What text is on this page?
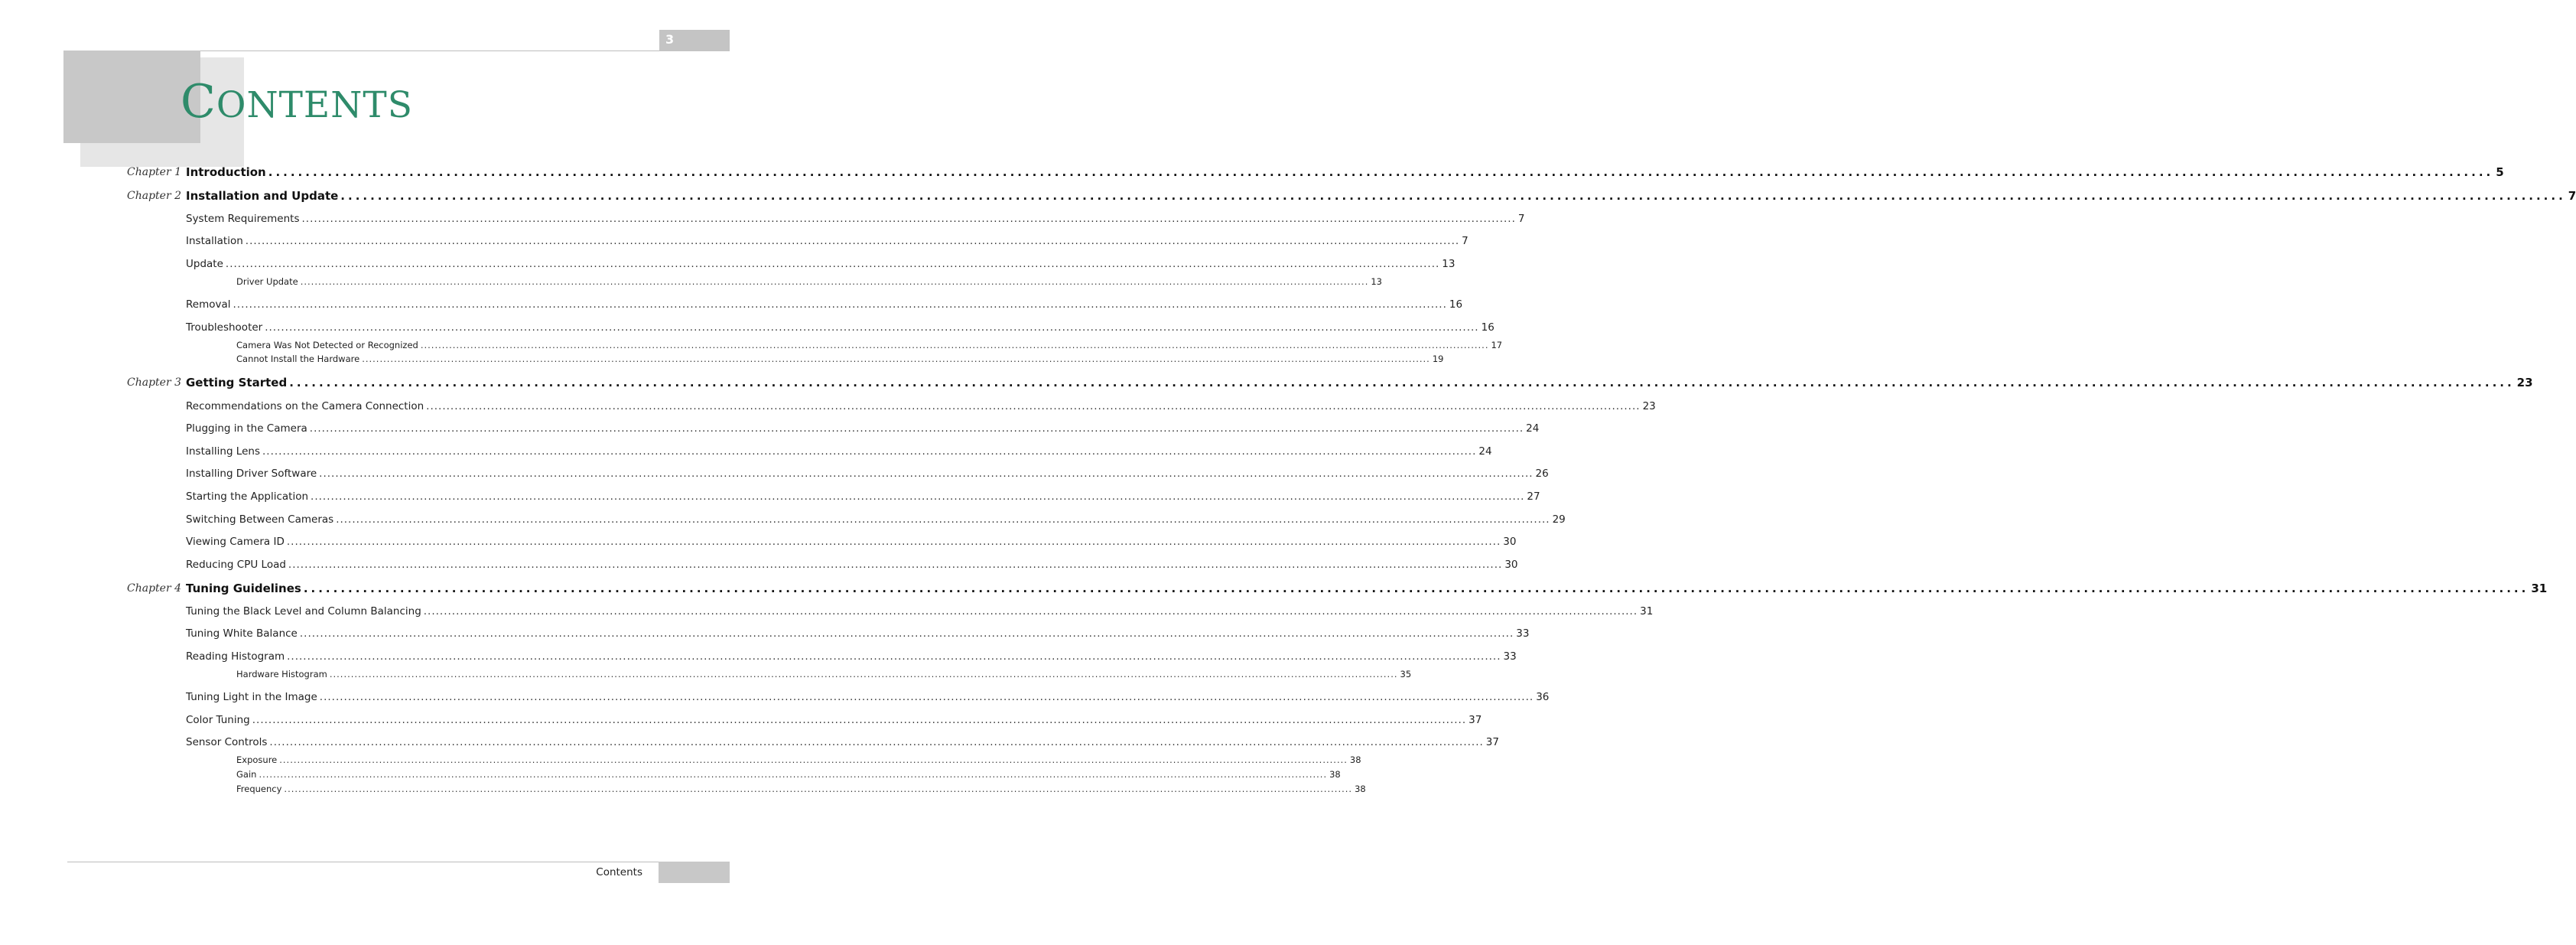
3
CONTENTS
Chapter 1 Introduction ............................................................................................................................................................................................................................................................................................................ 5
Chapter 2 Installation and Update ............................................................................................................................................................................................................................................................................................................ 7
System Requirements ............................................................................................................................................................................................................................................................................................................ 7
Installation ............................................................................................................................................................................................................................................................................................................ 7
Update ............................................................................................................................................................................................................................................................................................................ 13
Driver Update ............................................................................................................................................................................................................................................................................................................ 13
Removal ............................................................................................................................................................................................................................................................................................................ 16
Troubleshooter ............................................................................................................................................................................................................................................................................................................ 16
Camera Was Not Detected or Recognized ............................................................................................................................................................................................................................................................................................................ 17
Cannot Install the Hardware ............................................................................................................................................................................................................................................................................................................ 19
Chapter 3 Getting Started ............................................................................................................................................................................................................................................................................................................ 23
Recommendations on the Camera Connection ............................................................................................................................................................................................................................................................................................................ 23
Plugging in the Camera ............................................................................................................................................................................................................................................................................................................ 24
Installing Lens ............................................................................................................................................................................................................................................................................................................ 24
Installing Driver Software ............................................................................................................................................................................................................................................................................................................ 26
Starting the Application ............................................................................................................................................................................................................................................................................................................ 27
Switching Between Cameras ............................................................................................................................................................................................................................................................................................................ 29
Viewing Camera ID ............................................................................................................................................................................................................................................................................................................ 30
Reducing CPU Load ............................................................................................................................................................................................................................................................................................................ 30
Chapter 4 Tuning Guidelines ............................................................................................................................................................................................................................................................................................................ 31
Tuning the Black Level and Column Balancing ............................................................................................................................................................................................................................................................................................................ 31
Tuning White Balance ............................................................................................................................................................................................................................................................................................................ 33
Reading Histogram ............................................................................................................................................................................................................................................................................................................ 33
Hardware Histogram ............................................................................................................................................................................................................................................................................................................ 35
Tuning Light in the Image ............................................................................................................................................................................................................................................................................................................ 36
Color Tuning ............................................................................................................................................................................................................................................................................................................ 37
Sensor Controls ............................................................................................................................................................................................................................................................................................................ 37
Exposure ............................................................................................................................................................................................................................................................................................................ 38
Gain ............................................................................................................................................................................................................................................................................................................ 38
Frequency ............................................................................................................................................................................................................................................................................................................ 38
Contents
